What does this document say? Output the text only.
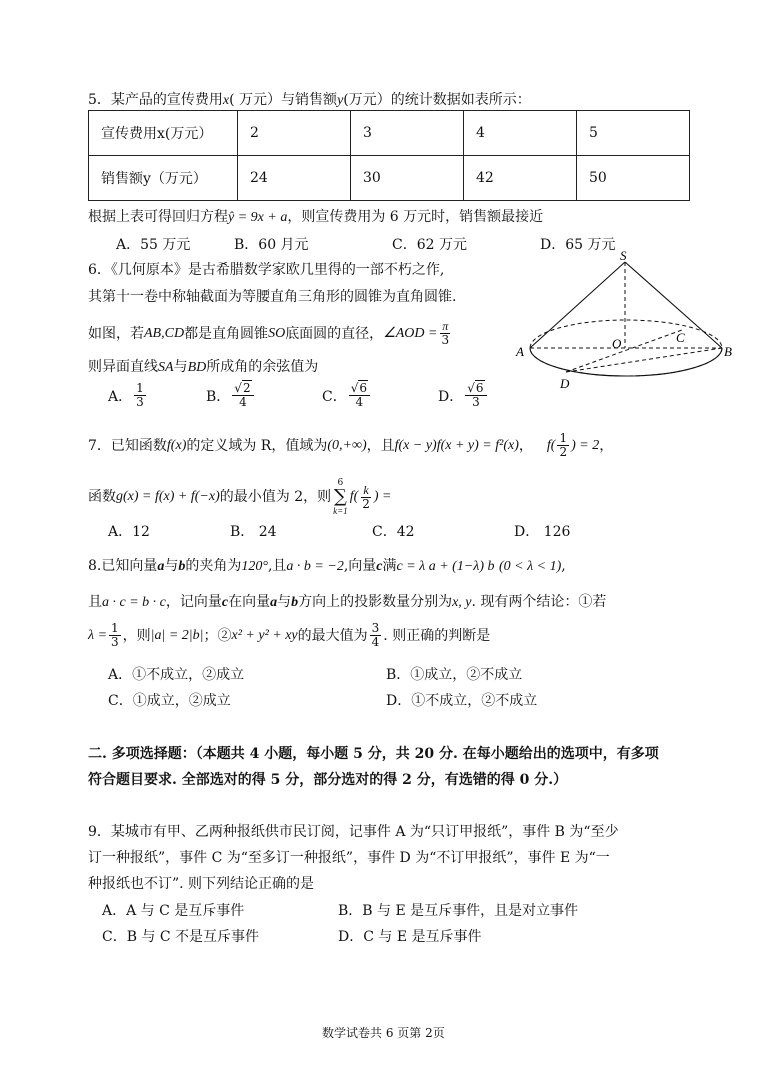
5．某产品的宣传费用x( 万元）与销售额y(万元）的统计数据如表所示：
宣传费用x(万元）	2	3	4	5
销售额y（万元）	24	30	42	50
根据上表可得回归方程ŷ = 9x + a，则宣传费用为 6 万元时，销售额最接近
A．55 万元	B．60 月元	C．62 万元	D．65 万元
6．《几何原本》是古希腊数学家欧几里得的一部不朽之作,
其第十一卷中称轴截面为等腰直角三角形的圆锥为直角圆锥.
如图，若 AB,CD 都是直角圆锥 SO 底面圆的直径， ∠AOD = $\frac{\pi}{3}$
则异面直线SA与BD所成角的余弦值为
A． $\frac{1}{3}$	B． $\frac{√2}{4}$	C． $\frac{√6}{4}$	D． $\frac{√6}{3}$
S
A	B
C
D
O
7．已知函数 f(x) 的定义域为 R，值域为 (0,+∞) ，且 f(x − y)f(x + y) = f²(x) ， $f( \frac{1}{2}$ ) = 2 ，
函数 g(x) = f(x) + f(−x) 的最小值为 2，则
6
∑
k=1
$f( \frac{k}{2}$ ) =
A．12	B． 24	C．42	D． 126
8.已知向量a与b的夹角为120°,且a · b = −2,向量c满c = λ a + (1−λ) b (0 < λ < 1),
且a · c = b · c，记向量c在向量a与b方向上的投影数量分别为x, y. 现有两个结论：①若
$\lambda = \frac{1}{3}$ ，则 |a| = 2|b| ；② x² + y² + xy 的最大值为 $\frac{3}{4}$ . 则正确的判断是
A．①不成立，②成立	B．①成立，②不成立
C．①成立，②成立	D．①不成立，②不成立
二. 多项选择题：（本题共 4 小题，每小题 5 分，共 20 分. 在每小题给出的选项中，有多项
符合题目要求. 全部选对的得 5 分，部分选对的得 2 分，有选错的得 0 分.）
9．某城市有甲、乙两种报纸供市民订阅，记事件 A 为“只订甲报纸”，事件 B 为“至少
订一种报纸”，事件 C 为“至多订一种报纸”，事件 D 为“不订甲报纸”，事件 E 为“一
种报纸也不订”. 则下列结论正确的是
A．A 与 C 是互斥事件	B．B 与 E 是互斥事件，且是对立事件
C．B 与 C 不是互斥事件	D．C 与 E 是互斥事件
数学试卷共 6 页第 2页
